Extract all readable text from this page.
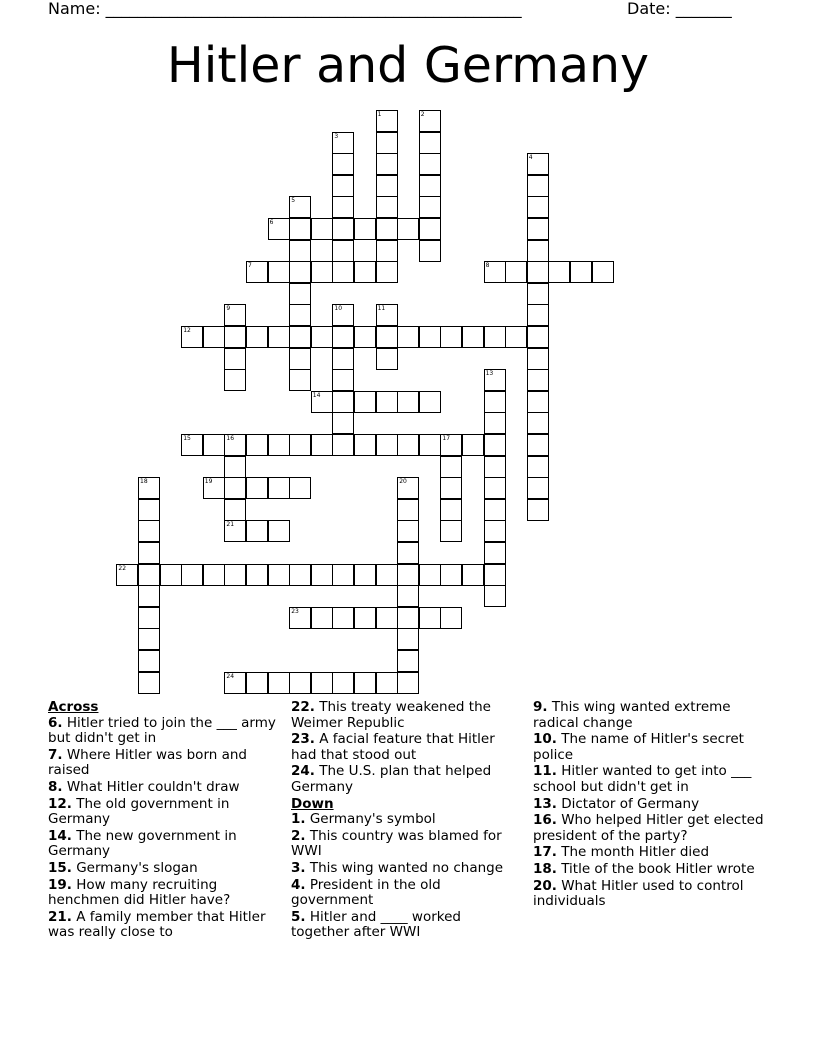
Name: ____________________________________________________	Date: _______
Hitler and Germany
1	2
3
4
5
6
7	8
9	10	11
12
13
14
15	16	17
21
18	19	20
22
23
24
Across
6. Hitler tried to join the ___ army but didn't get in
7. Where Hitler was born and raised
8. What Hitler couldn't draw
12. The old government in Germany
14. The new government in Germany
15. Germany's slogan
19. How many recruiting henchmen did Hitler have?
21. A family member that Hitler was really close to
22. This treaty weakened the Weimer Republic
23. A facial feature that Hitler had that stood out
24. The U.S. plan that helped Germany
Down
1. Germany's symbol
2. This country was blamed for WWI
3. This wing wanted no change
4. President in the old government
5. Hitler and ____ worked together after WWI
9. This wing wanted extreme radical change
10. The name of Hitler's secret police
11. Hitler wanted to get into ___ school but didn't get in
13. Dictator of Germany
16. Who helped Hitler get elected president of the party?
17. The month Hitler died
18. Title of the book Hitler wrote
20. What Hitler used to control individuals
